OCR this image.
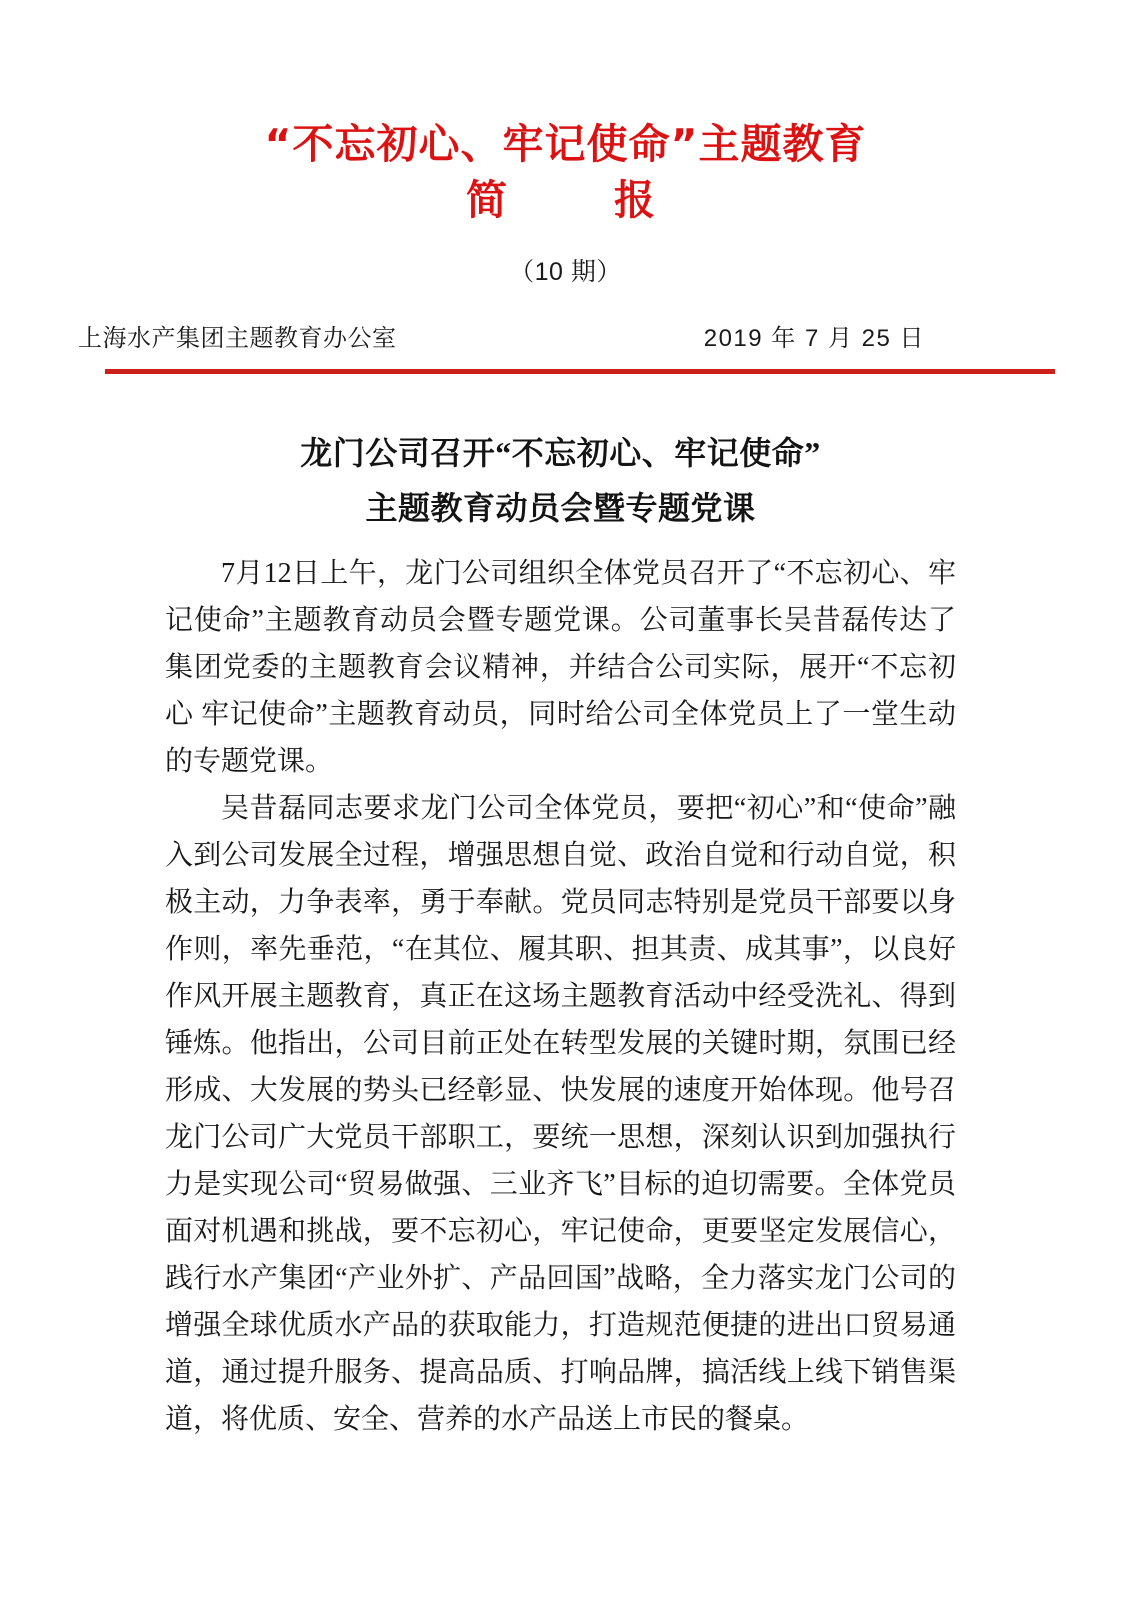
“不忘初心、牢记使命”主题教育
简    报
（10 期）
上海水产集团主题教育办公室	2019 年 7 月 25 日
龙门公司召开“不忘初心、牢记使命”
主题教育动员会暨专题党课

7月12日上午，龙门公司组织全体党员召开了“不忘初心、牢记使命”主题教育动员会暨专题党课。公司董事长吴昔磊传达了集团党委的主题教育会议精神，并结合公司实际，展开“不忘初心 牢记使命”主题教育动员，同时给公司全体党员上了一堂生动的专题党课。

吴昔磊同志要求龙门公司全体党员，要把“初心”和“使命”融入到公司发展全过程，增强思想自觉、政治自觉和行动自觉，积极主动，力争表率，勇于奉献。党员同志特别是党员干部要以身作则，率先垂范，“在其位、履其职、担其责、成其事”，以良好作风开展主题教育，真正在这场主题教育活动中经受洗礼、得到锤炼。他指出，公司目前正处在转型发展的关键时期，氛围已经形成、大发展的势头已经彰显、快发展的速度开始体现。他号召龙门公司广大党员干部职工，要统一思想，深刻认识到加强执行力是实现公司“贸易做强、三业齐飞”目标的迫切需要。全体党员面对机遇和挑战，要不忘初心，牢记使命，更要坚定发展信心，践行水产集团“产业外扩、产品回国”战略，全力落实龙门公司的增强全球优质水产品的获取能力，打造规范便捷的进出口贸易通道，通过提升服务、提高品质、打响品牌，搞活线上线下销售渠道，将优质、安全、营养的水产品送上市民的餐桌。
